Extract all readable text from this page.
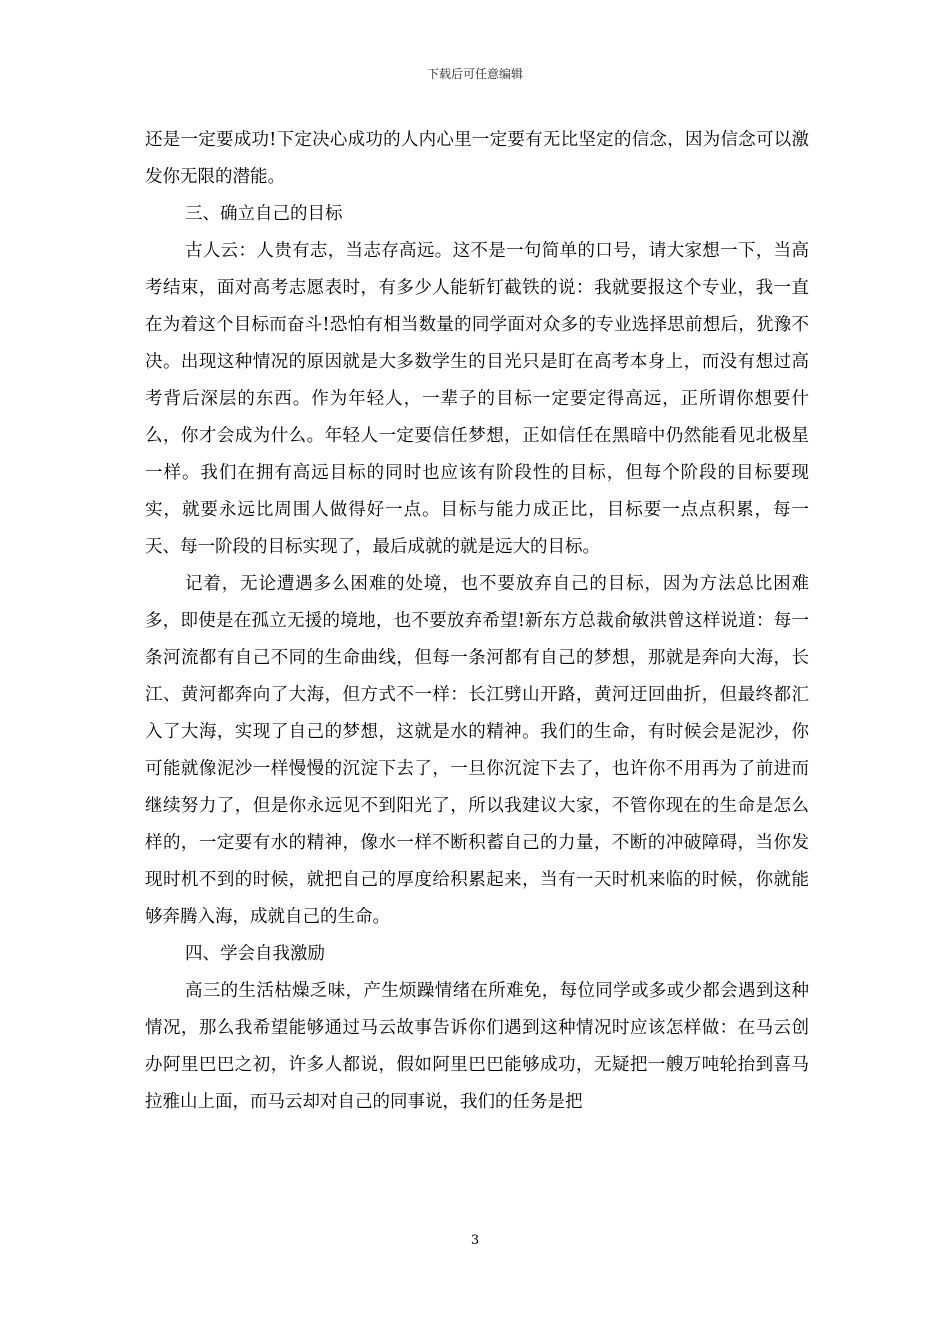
下载后可任意编辑

还是一定要成功!下定决心成功的人内心里一定要有无比坚定的信念，因为信念可以激发你无限的潜能。

三、确立自己的目标

古人云：人贵有志，当志存高远。这不是一句简单的口号，请大家想一下，当高考结束，面对高考志愿表时，有多少人能斩钉截铁的说：我就要报这个专业，我一直在为着这个目标而奋斗!恐怕有相当数量的同学面对众多的专业选择思前想后，犹豫不决。出现这种情况的原因就是大多数学生的目光只是盯在高考本身上，而没有想过高考背后深层的东西。作为年轻人，一辈子的目标一定要定得高远，正所谓你想要什么，你才会成为什么。年轻人一定要信任梦想，正如信任在黑暗中仍然能看见北极星一样。我们在拥有高远目标的同时也应该有阶段性的目标，但每个阶段的目标要现实，就要永远比周围人做得好一点。目标与能力成正比，目标要一点点积累，每一天、每一阶段的目标实现了，最后成就的就是远大的目标。

记着，无论遭遇多么困难的处境，也不要放弃自己的目标，因为方法总比困难多，即使是在孤立无援的境地，也不要放弃希望!新东方总裁俞敏洪曾这样说道：每一条河流都有自己不同的生命曲线，但每一条河都有自己的梦想，那就是奔向大海，长江、黄河都奔向了大海，但方式不一样：长江劈山开路，黄河迂回曲折，但最终都汇入了大海，实现了自己的梦想，这就是水的精神。我们的生命，有时候会是泥沙，你可能就像泥沙一样慢慢的沉淀下去了，一旦你沉淀下去了，也许你不用再为了前进而继续努力了，但是你永远见不到阳光了，所以我建议大家，不管你现在的生命是怎么样的，一定要有水的精神，像水一样不断积蓄自己的力量，不断的冲破障碍，当你发现时机不到的时候，就把自己的厚度给积累起来，当有一天时机来临的时候，你就能够奔腾入海，成就自己的生命。

四、学会自我激励

高三的生活枯燥乏味，产生烦躁情绪在所难免，每位同学或多或少都会遇到这种情况，那么我希望能够通过马云故事告诉你们遇到这种情况时应该怎样做：在马云创办阿里巴巴之初，许多人都说，假如阿里巴巴能够成功，无疑把一艘万吨轮抬到喜马拉雅山上面，而马云却对自己的同事说，我们的任务是把

3
